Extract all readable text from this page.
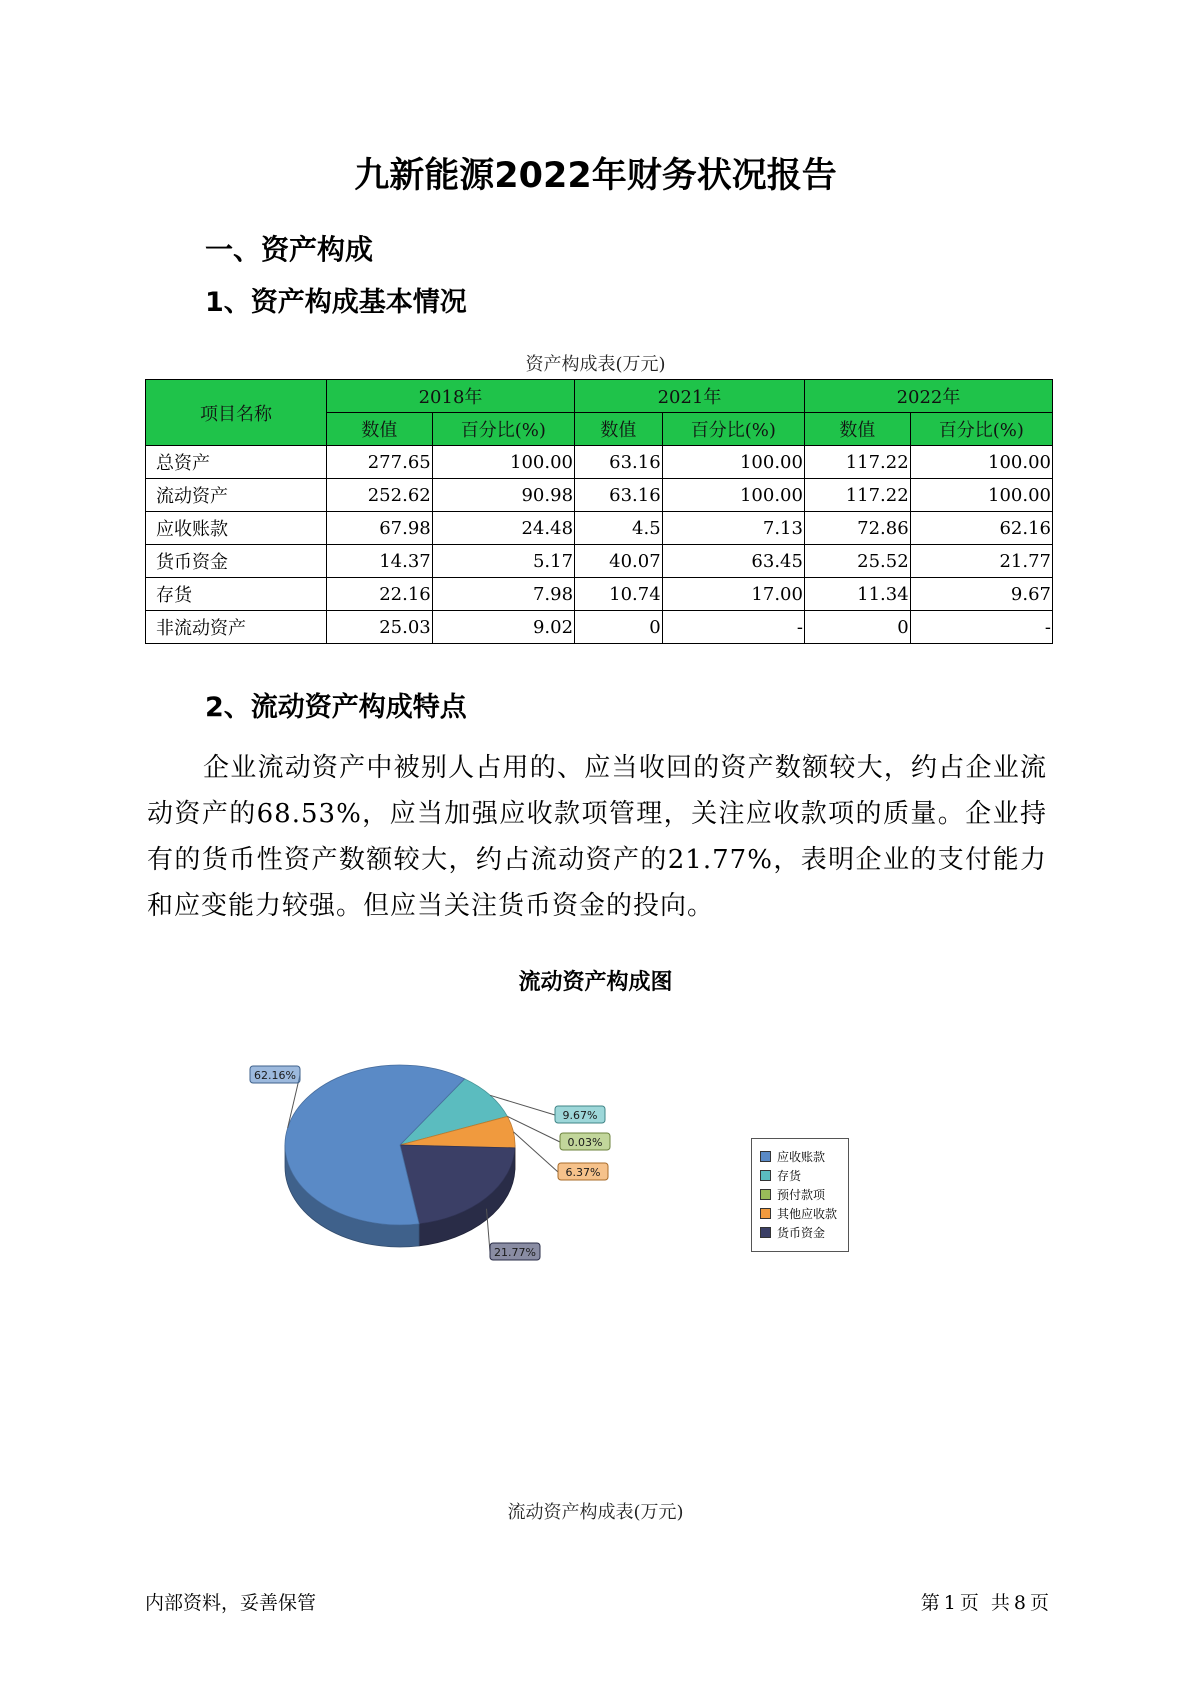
九新能源2022年财务状况报告
一、资产构成
1、资产构成基本情况
资产构成表(万元)
项目名称	2018年		2021年		2022年	
	数值	百分比(%)	数值	百分比(%)	数值	百分比(%)
总资产	277.65	100.00	63.16	100.00	117.22	100.00
流动资产	252.62	90.98	63.16	100.00	117.22	100.00
应收账款	67.98	24.48	4.5	7.13	72.86	62.16
货币资金	14.37	5.17	40.07	63.45	25.52	21.77
存货	22.16	7.98	10.74	17.00	11.34	9.67
非流动资产	25.03	9.02	0	-	0	-
2、流动资产构成特点
企业流动资产中被别人占用的、应当收回的资产数额较大，约占企业流动资产的68.53%，应当加强应收款项管理，关注应收款项的质量。企业持有的货币性资产数额较大，约占流动资产的21.77%，表明企业的支付能力和应变能力较强。但应当关注货币资金的投向。
流动资产构成图
9.67%
0.03%
6.37%
21.77%
62.16%
应收账款
存货
预付款项
其他应收款
货币资金
流动资产构成表(万元)
内部资料，妥善保管	第 1 页 共 8 页
